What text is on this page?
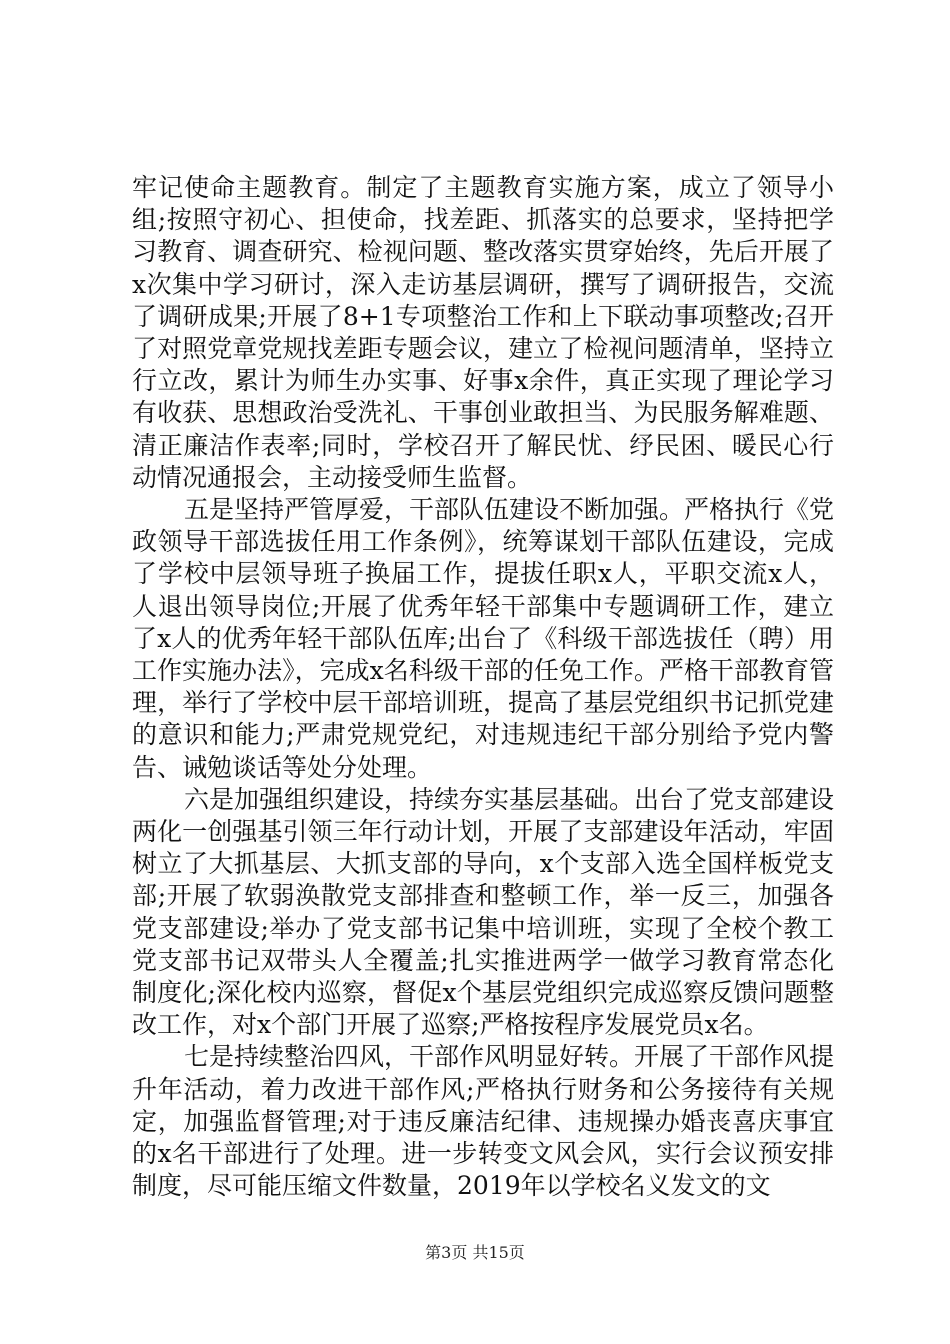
牢记使命主题教育。制定了主题教育实施方案，成立了领导小组;按照守初心、担使命，找差距、抓落实的总要求，坚持把学习教育、调查研究、检视问题、整改落实贯穿始终，先后开展了x次集中学习研讨，深入走访基层调研，撰写了调研报告，交流了调研成果;开展了8+1专项整治工作和上下联动事项整改;召开了对照党章党规找差距专题会议，建立了检视问题清单，坚持立行立改，累计为师生办实事、好事x余件，真正实现了理论学习有收获、思想政治受洗礼、干事创业敢担当、为民服务解难题、清正廉洁作表率;同时，学校召开了解民忧、纾民困、暖民心行动情况通报会，主动接受师生监督。

五是坚持严管厚爱，干部队伍建设不断加强。严格执行《党政领导干部选拔任用工作条例》，统筹谋划干部队伍建设，完成了学校中层领导班子换届工作，提拔任职x人，平职交流x人，人退出领导岗位;开展了优秀年轻干部集中专题调研工作，建立了x人的优秀年轻干部队伍库;出台了《科级干部选拔任（聘）用工作实施办法》，完成x名科级干部的任免工作。严格干部教育管理，举行了学校中层干部培训班，提高了基层党组织书记抓党建的意识和能力;严肃党规党纪，对违规违纪干部分别给予党内警告、诫勉谈话等处分处理。

六是加强组织建设，持续夯实基层基础。出台了党支部建设两化一创强基引领三年行动计划，开展了支部建设年活动，牢固树立了大抓基层、大抓支部的导向，x个支部入选全国样板党支部;开展了软弱涣散党支部排查和整顿工作，举一反三，加强各党支部建设;举办了党支部书记集中培训班，实现了全校个教工党支部书记双带头人全覆盖;扎实推进两学一做学习教育常态化制度化;深化校内巡察，督促x个基层党组织完成巡察反馈问题整改工作，对x个部门开展了巡察;严格按程序发展党员x名。

七是持续整治四风，干部作风明显好转。开展了干部作风提升年活动，着力改进干部作风;严格执行财务和公务接待有关规定，加强监督管理;对于违反廉洁纪律、违规操办婚丧喜庆事宜的x名干部进行了处理。进一步转变文风会风，实行会议预安排制度，尽可能压缩文件数量，2019年以学校名义发文的文

第3页 共15页
